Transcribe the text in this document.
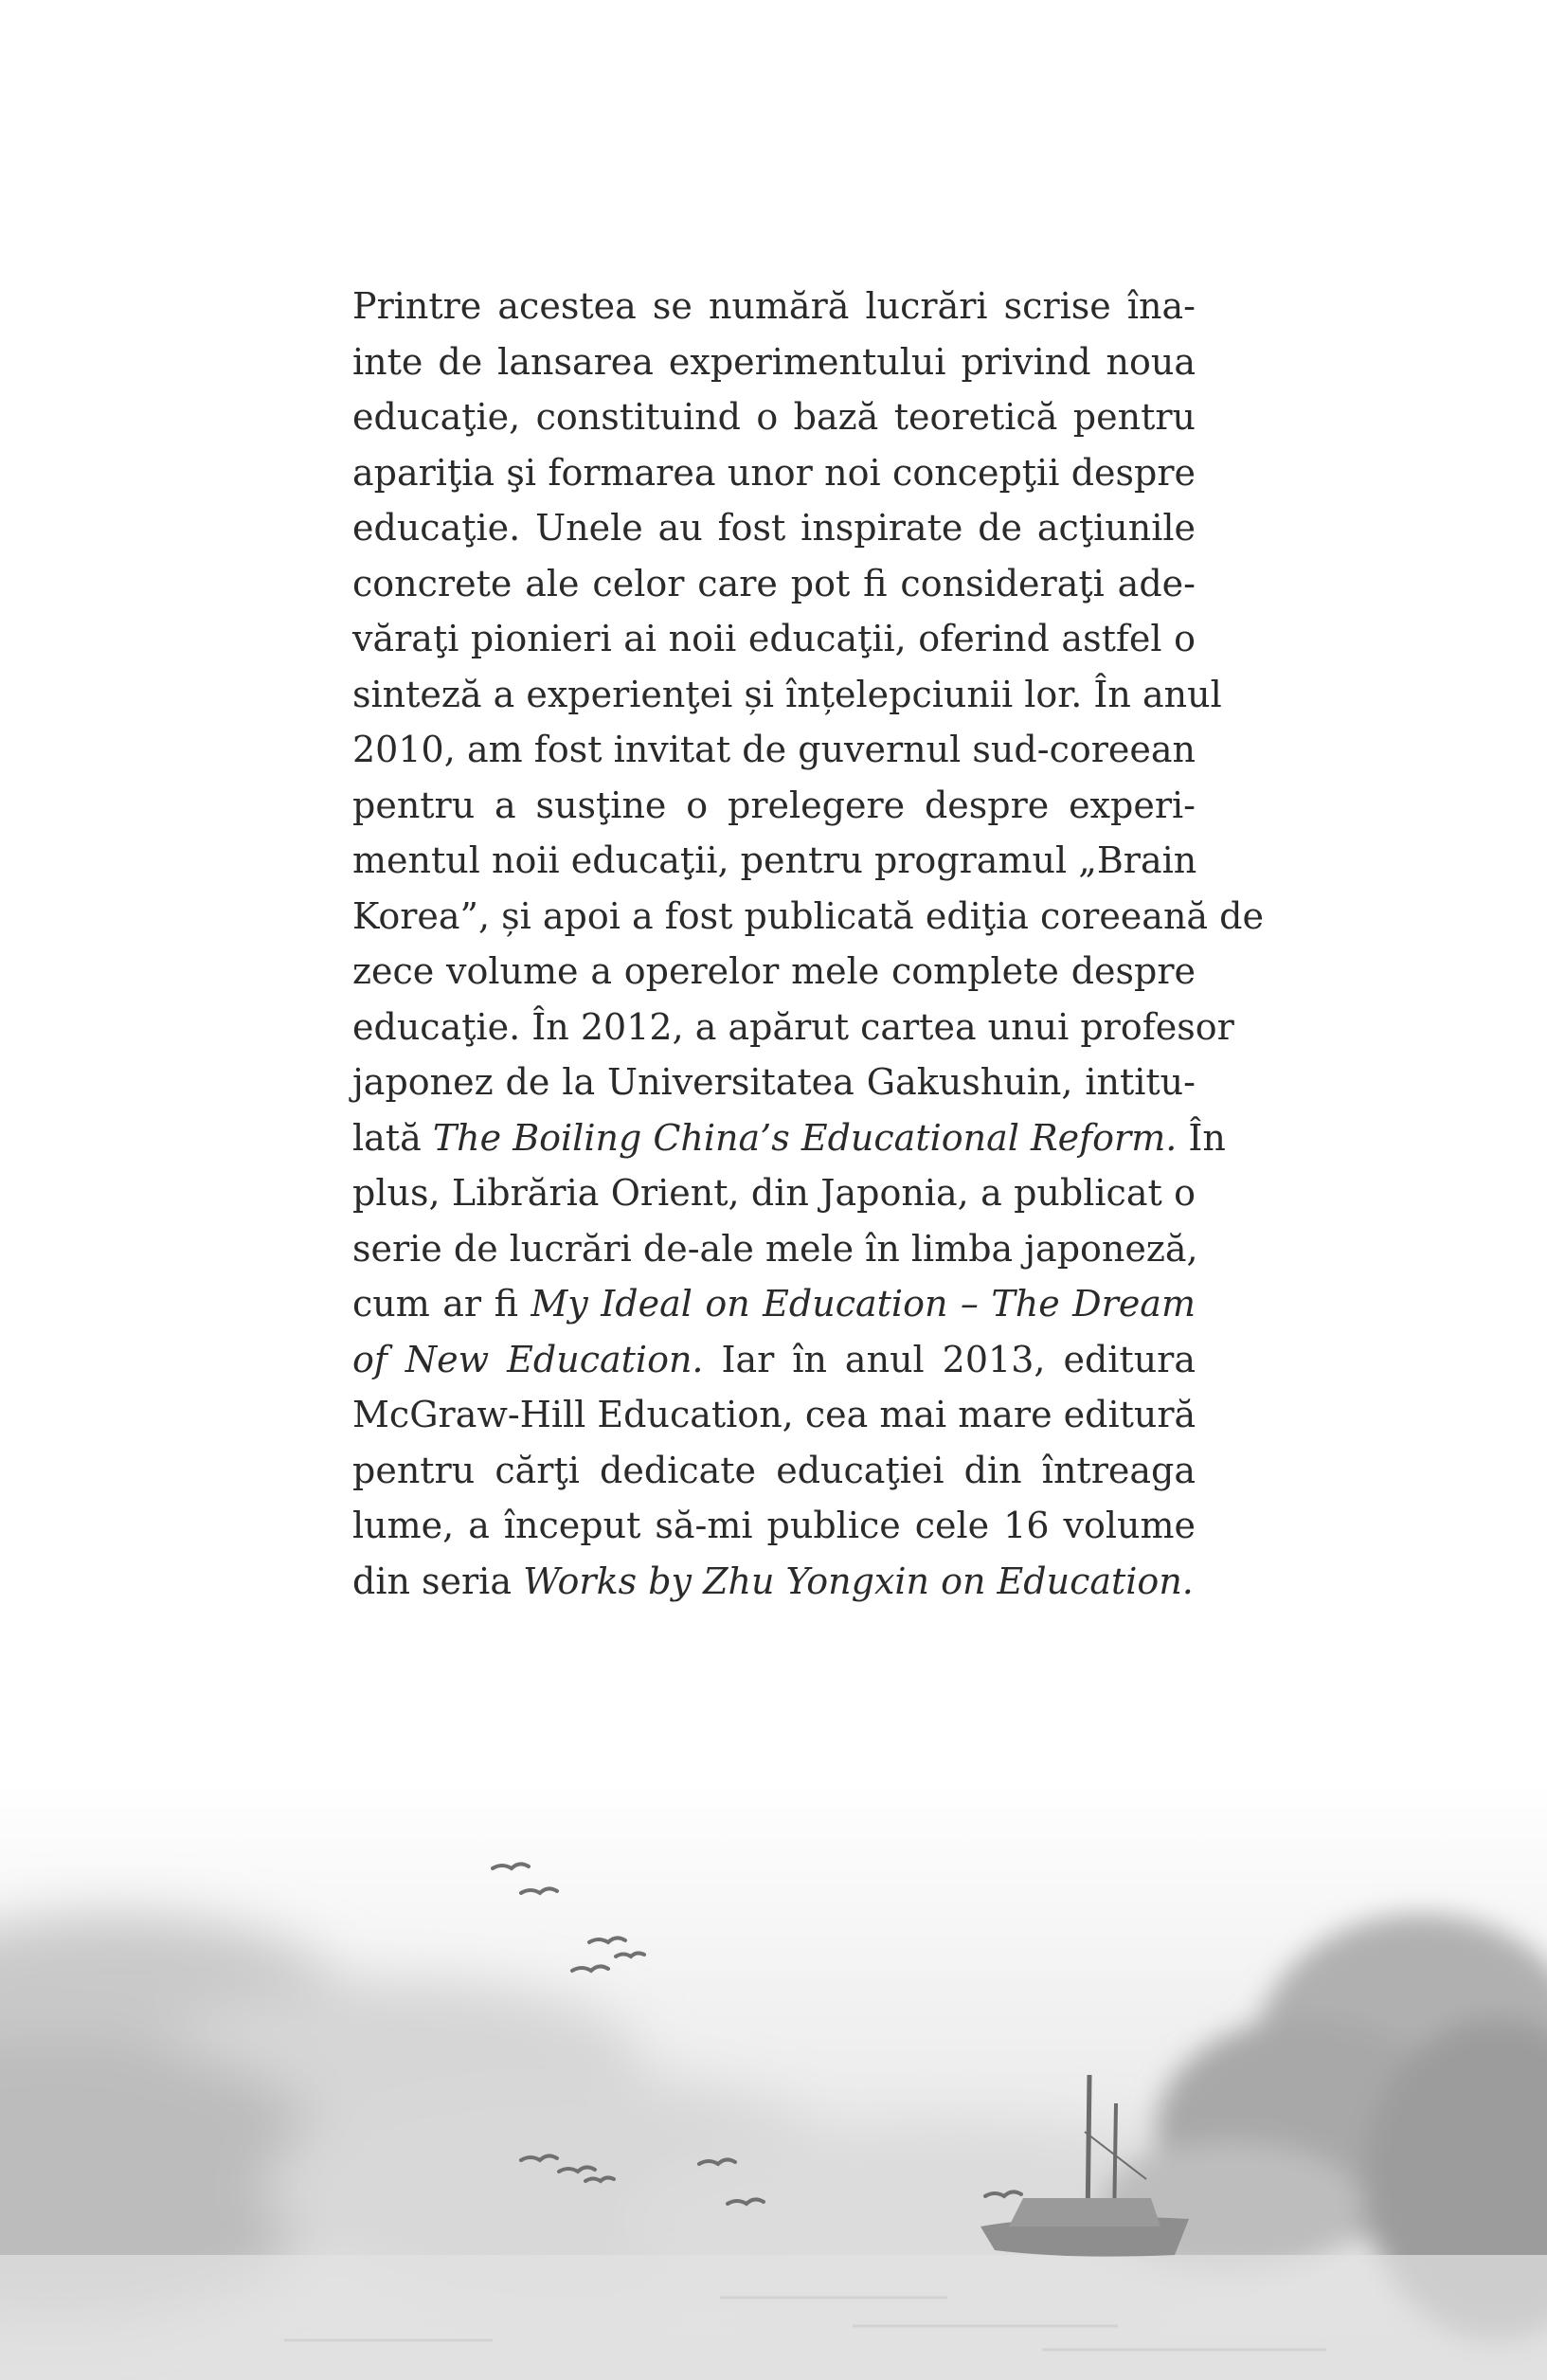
Printre acestea se numără lucrări scrise îna-
inte de lansarea experimentului privind noua
educaţie, constituind o bază teoretică pentru
apariţia şi formarea unor noi concepţii despre
educaţie. Unele au fost inspirate de acţiunile
concrete ale celor care pot fi consideraţi ade-
văraţi pionieri ai noii educaţii, oferind astfel o
sinteză a experienţei și înțelepciunii lor. În anul
2010, am fost invitat de guvernul sud-coreean
pentru a susţine o prelegere despre experi-
mentul noii educaţii, pentru programul „Brain
Korea”, și apoi a fost publicată ediţia coreeană de
zece volume a operelor mele complete despre
educaţie. În 2012, a apărut cartea unui profesor
japonez de la Universitatea Gakushuin, intitu-
lată The Boiling China’s Educational Reform. În
plus, Librăria Orient, din Japonia, a publicat o
serie de lucrări de-ale mele în limba japoneză,
cum ar fi My Ideal on Education – The Dream
of New Education. Iar în anul 2013, editura
McGraw-Hill Education, cea mai mare editură
pentru cărţi dedicate educaţiei din întreaga
lume, a început să-mi publice cele 16 volume
din seria Works by Zhu Yongxin on Education.
